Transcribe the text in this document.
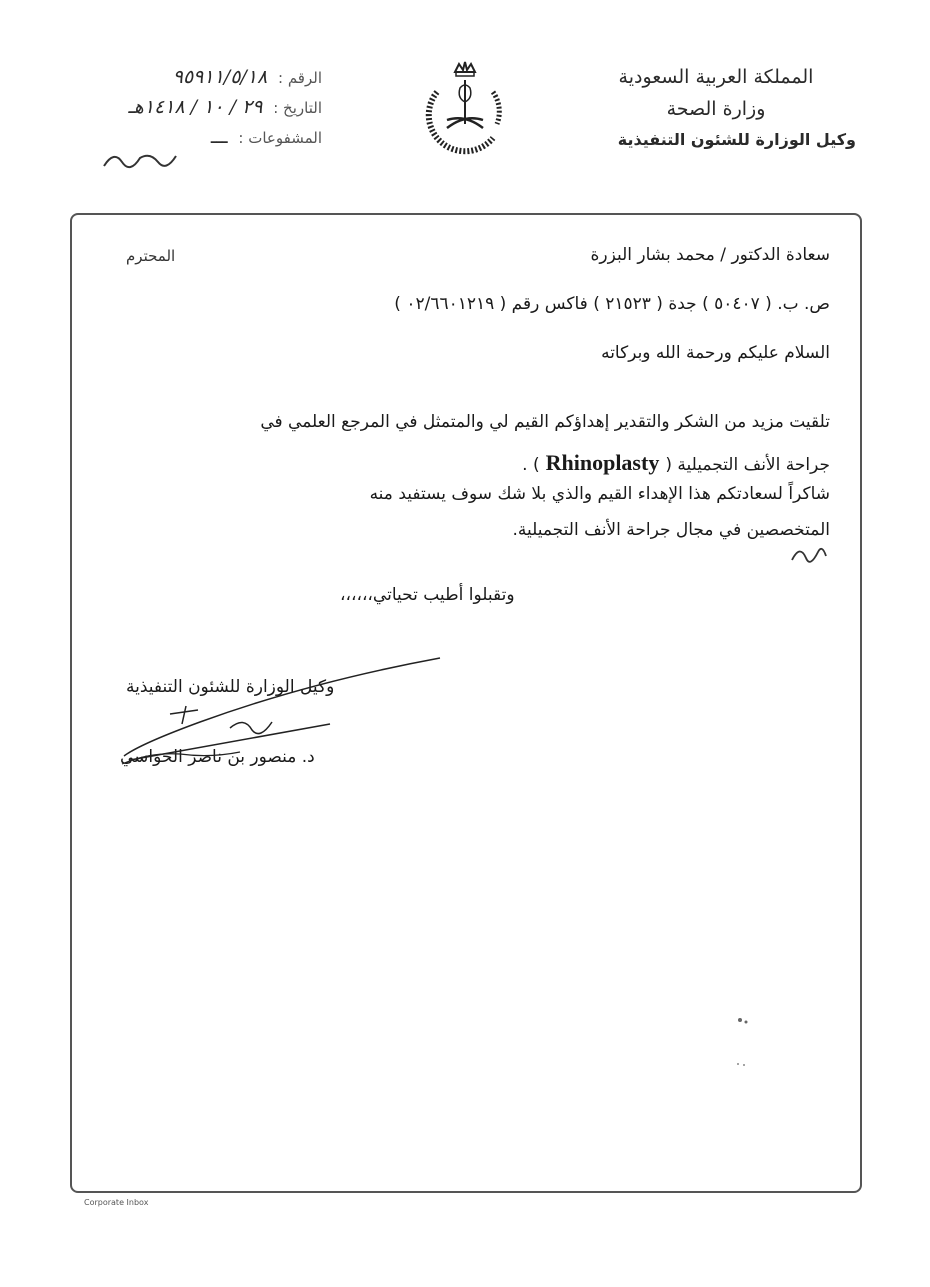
المملكة العربية السعودية
وزارة الصحة
وكيل الوزارة للشئون التنفيذية
الرقم : ٩٥٩١١/٥/١٨
التاريخ : ٢٩ / ١٠ / ١٤١٨هـ
المشفوعات : ـــ
المحترم	سعادة الدكتور / محمد بشار البزرة
ص. ب. ( ٥٠٤٠٧ ) جدة ( ٢١٥٢٣ ) فاكس رقم ( ٠٢/٦٦٠١٢١٩ )
السلام عليكم ورحمة الله وبركاته
تلقيت مزيد من الشكر والتقدير إهداؤكم القيم لي والمتمثل في المرجع العلمي في
جراحة الأنف التجميلية (Rhinoplasty) .
شاكراً لسعادتكم هذا الإهداء القيم والذي بلا شك سوف يستفيد منه
المتخصصين في مجال جراحة الأنف التجميلية.
وتقبلوا أطيب تحياتي،،،،،،
وكيل الوزارة للشئون التنفيذية
د. منصور بن ناصر الحواسي
Corporate Inbox
